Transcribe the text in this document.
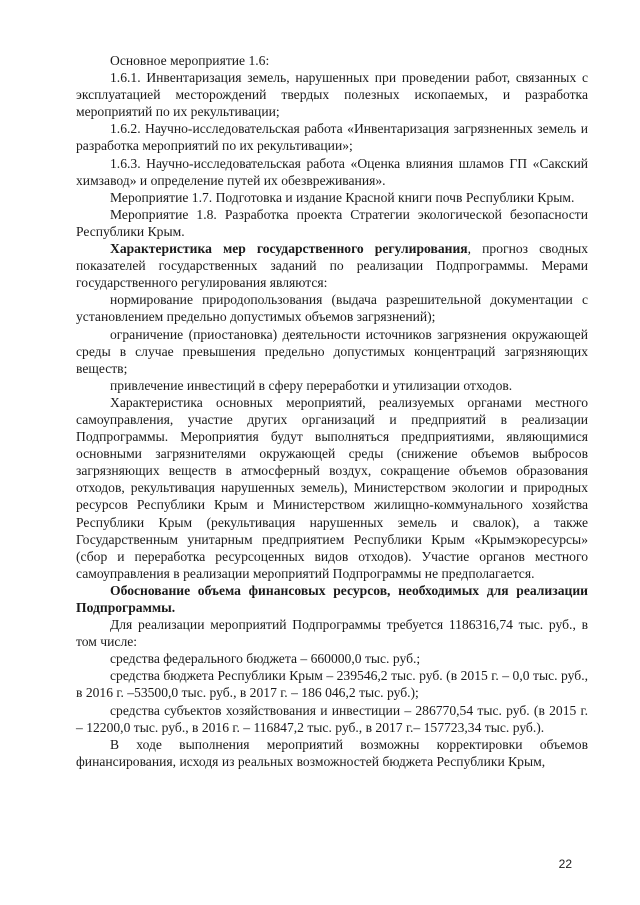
Основное мероприятие 1.6:

1.6.1. Инвентаризация земель, нарушенных при проведении работ, связанных с эксплуатацией месторождений твердых полезных ископаемых, и разработка мероприятий по их рекультивации;

1.6.2. Научно-исследовательская работа «Инвентаризация загрязненных земель и разработка мероприятий по их рекультивации»;

1.6.3. Научно-исследовательская работа «Оценка влияния шламов ГП «Сакский химзавод» и определение путей их обезвреживания».

Мероприятие 1.7. Подготовка и издание Красной книги почв Республики Крым.

Мероприятие 1.8. Разработка проекта Стратегии экологической безопасности Республики Крым.

Характеристика мер государственного регулирования, прогноз сводных показателей государственных заданий по реализации Подпрограммы. Мерами государственного регулирования являются:

нормирование природопользования (выдача разрешительной документации с установлением предельно допустимых объемов загрязнений);

ограничение (приостановка) деятельности источников загрязнения окружающей среды в случае превышения предельно допустимых концентраций загрязняющих веществ;

привлечение инвестиций в сферу переработки и утилизации отходов.

Характеристика основных мероприятий, реализуемых органами местного самоуправления, участие других организаций и предприятий в реализации Подпрограммы. Мероприятия будут выполняться предприятиями, являющимися основными загрязнителями окружающей среды (снижение объемов выбросов загрязняющих веществ в атмосферный воздух, сокращение объемов образования отходов, рекультивация нарушенных земель), Министерством экологии и природных ресурсов Республики Крым и Министерством жилищно-коммунального хозяйства Республики Крым (рекультивация нарушенных земель и свалок), а также Государственным унитарным предприятием Республики Крым «Крымэкоресурсы» (сбор и переработка ресурсоценных видов отходов). Участие органов местного самоуправления в реализации мероприятий Подпрограммы не предполагается.

Обоснование объема финансовых ресурсов, необходимых для реализации Подпрограммы.

Для реализации мероприятий Подпрограммы требуется 1186316,74 тыс. руб., в том числе:

средства федерального бюджета – 660000,0 тыс. руб.;

средства бюджета Республики Крым – 239546,2 тыс. руб. (в 2015 г. – 0,0 тыс. руб., в 2016 г. –53500,0 тыс. руб., в 2017 г. – 186 046,2 тыс. руб.);

средства субъектов хозяйствования и инвестиции – 286770,54 тыс. руб. (в 2015 г. – 12200,0 тыс. руб., в 2016 г. – 116847,2 тыс. руб., в 2017 г.– 157723,34 тыс. руб.).

В ходе выполнения мероприятий возможны корректировки объемов финансирования, исходя из реальных возможностей бюджета Республики Крым,

22
